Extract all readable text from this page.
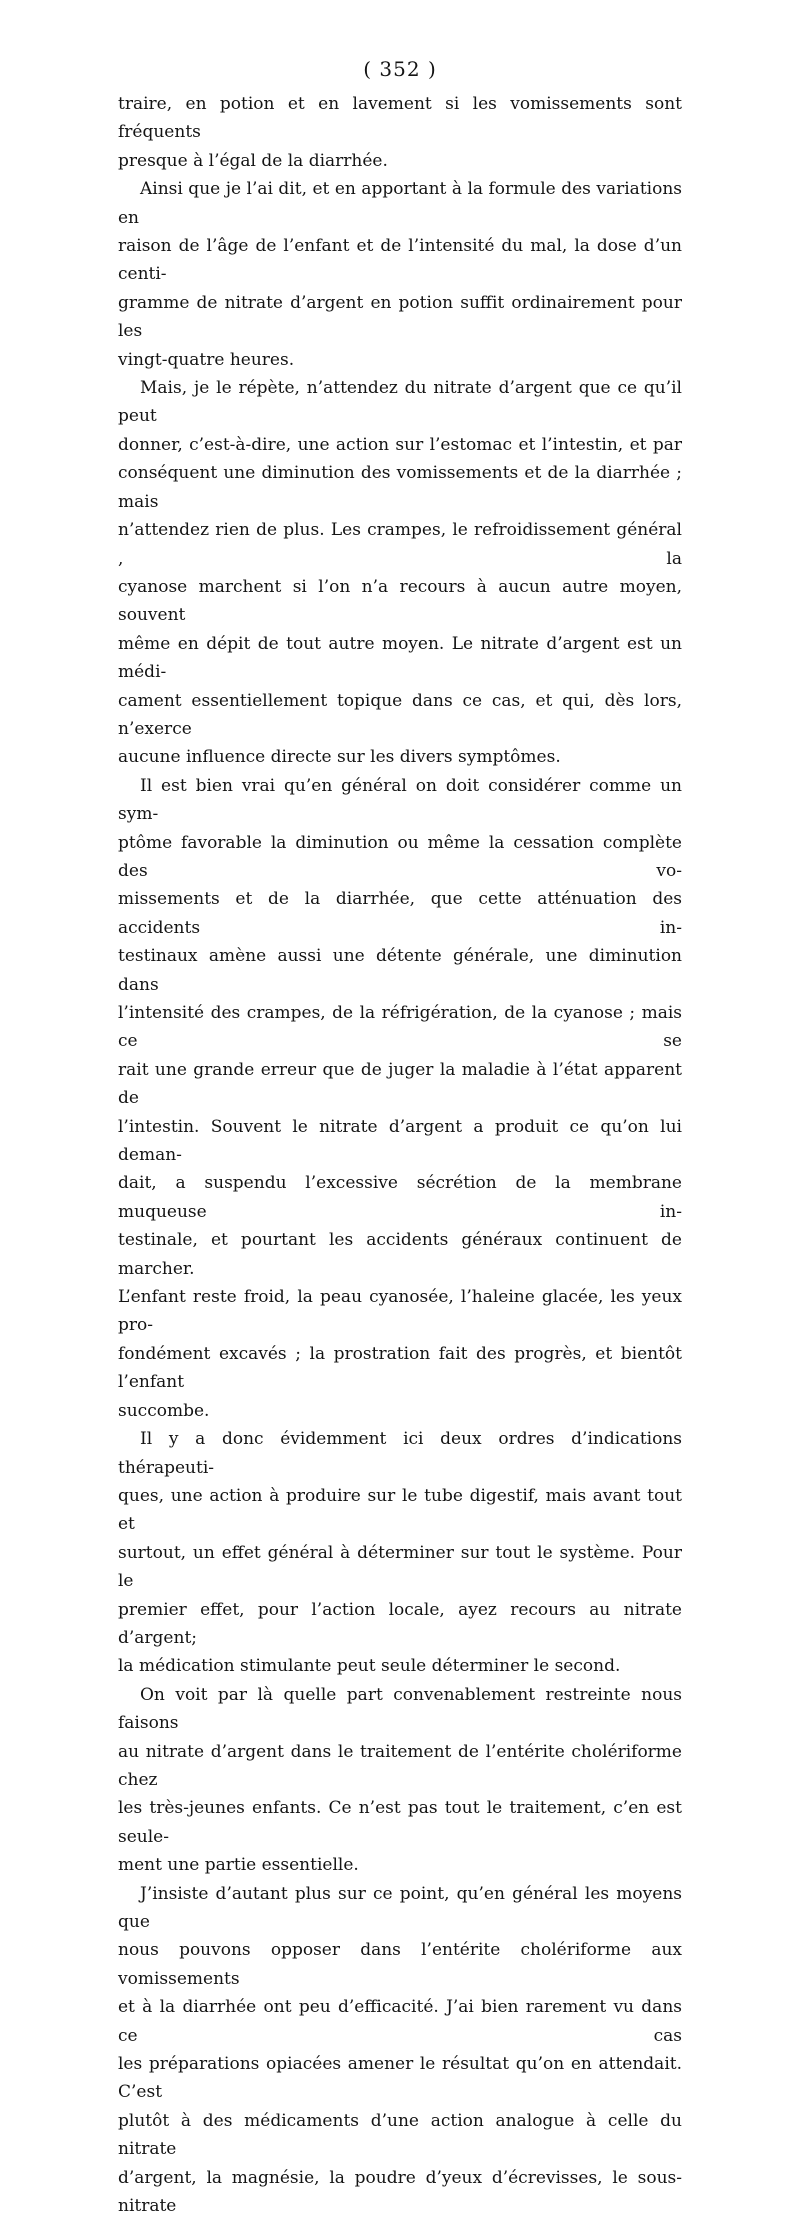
( 352 )

traire, en potion et en lavement si les vomissements sont fréquents
presque à l’égal de la diarrhée.

Ainsi que je l’ai dit, et en apportant à la formule des variations en
raison de l’âge de l’enfant et de l’intensité du mal, la dose d’un centi-
gramme de nitrate d’argent en potion suffit ordinairement pour les
vingt-quatre heures.

Mais, je le répète, n’attendez du nitrate d’argent que ce qu’il peut
donner, c’est-à-dire, une action sur l’estomac et l’intestin, et par
conséquent une diminution des vomissements et de la diarrhée ; mais
n’attendez rien de plus. Les crampes, le refroidissement général , la
cyanose marchent si l’on n’a recours à aucun autre moyen, souvent
même en dépit de tout autre moyen. Le nitrate d’argent est un médi-
cament essentiellement topique dans ce cas, et qui, dès lors, n’exerce
aucune influence directe sur les divers symptômes.

Il est bien vrai qu’en général on doit considérer comme un sym-
ptôme favorable la diminution ou même la cessation complète des vo-
missements et de la diarrhée, que cette atténuation des accidents in-
testinaux amène aussi une détente générale, une diminution dans
l’intensité des crampes, de la réfrigération, de la cyanose ; mais ce se
rait une grande erreur que de juger la maladie à l’état apparent de
l’intestin. Souvent le nitrate d’argent a produit ce qu’on lui deman-
dait, a suspendu l’excessive sécrétion de la membrane muqueuse in-
testinale, et pourtant les accidents généraux continuent de marcher.
L’enfant reste froid, la peau cyanosée, l’haleine glacée, les yeux pro-
fondément excavés ; la prostration fait des progrès, et bientôt l’enfant
succombe.

Il y a donc évidemment ici deux ordres d’indications thérapeuti-
ques, une action à produire sur le tube digestif, mais avant tout et
surtout, un effet général à déterminer sur tout le système. Pour le
premier effet, pour l’action locale, ayez recours au nitrate d’argent;
la médication stimulante peut seule déterminer le second.

On voit par là quelle part convenablement restreinte nous faisons
au nitrate d’argent dans le traitement de l’entérite cholériforme chez
les très-jeunes enfants. Ce n’est pas tout le traitement, c’en est seule-
ment une partie essentielle.

J’insiste d’autant plus sur ce point, qu’en général les moyens que
nous pouvons opposer dans l’entérite cholériforme aux vomissements
et à la diarrhée ont peu d’efficacité. J’ai bien rarement vu dans ce cas
les préparations opiacées amener le résultat qu’on en attendait. C’est
plutôt à des médicaments d’une action analogue à celle du nitrate
d’argent, la magnésie, la poudre d’yeux d’écrevisses, le sous-nitrate
